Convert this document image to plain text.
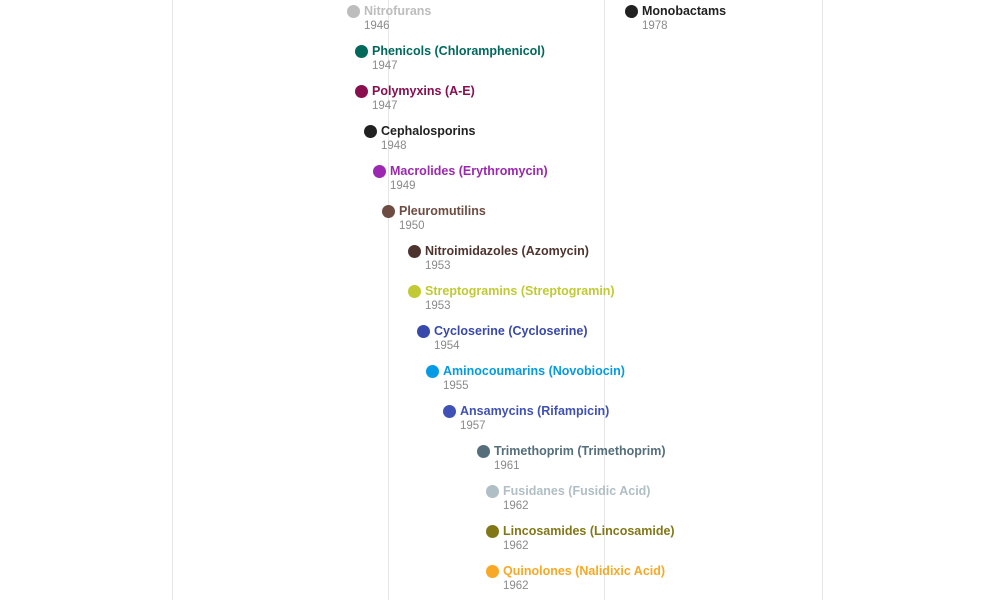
Nitrofurans
1946
Monobactams
1978
Phenicols (Chloramphenicol)
1947
Polymyxins (A-E)
1947
Cephalosporins
1948
Macrolides (Erythromycin)
1949
Pleuromutilins
1950
Nitroimidazoles (Azomycin)
1953
Streptogramins (Streptogramin)
1953
Cycloserine (Cycloserine)
1954
Aminocoumarins (Novobiocin)
1955
Ansamycins (Rifampicin)
1957
Trimethoprim (Trimethoprim)
1961
Fusidanes (Fusidic Acid)
1962
Lincosamides (Lincosamide)
1962
Quinolones (Nalidixic Acid)
1962
